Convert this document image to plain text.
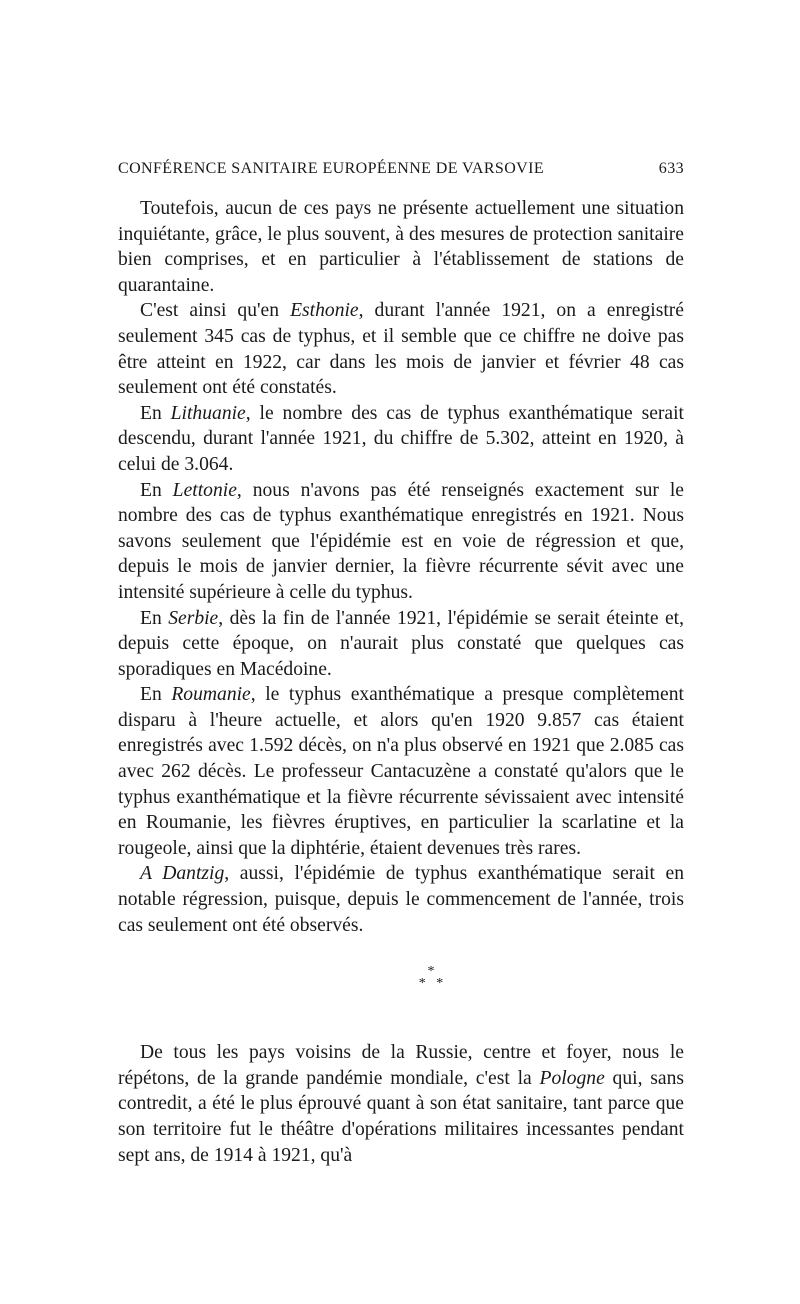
CONFÉRENCE SANITAIRE EUROPÉENNE DE VARSOVIE	633

Toutefois, aucun de ces pays ne présente actuellement une situation inquiétante, grâce, le plus souvent, à des mesures de protection sanitaire bien comprises, et en particulier à l'établissement de stations de quarantaine.

C'est ainsi qu'en Esthonie, durant l'année 1921, on a enregistré seulement 345 cas de typhus, et il semble que ce chiffre ne doive pas être atteint en 1922, car dans les mois de janvier et février 48 cas seulement ont été constatés.

En Lithuanie, le nombre des cas de typhus exanthématique serait descendu, durant l'année 1921, du chiffre de 5.302, atteint en 1920, à celui de 3.064.

En Lettonie, nous n'avons pas été renseignés exactement sur le nombre des cas de typhus exanthématique enregistrés en 1921. Nous savons seulement que l'épidémie est en voie de régression et que, depuis le mois de janvier dernier, la fièvre récurrente sévit avec une intensité supérieure à celle du typhus.

En Serbie, dès la fin de l'année 1921, l'épidémie se serait éteinte et, depuis cette époque, on n'aurait plus constaté que quelques cas sporadiques en Macédoine.

En Roumanie, le typhus exanthématique a presque complètement disparu à l'heure actuelle, et alors qu'en 1920 9.857 cas étaient enregistrés avec 1.592 décès, on n'a plus observé en 1921 que 2.085 cas avec 262 décès. Le professeur Cantacuzène a constaté qu'alors que le typhus exanthématique et la fièvre récurrente sévissaient avec intensité en Roumanie, les fièvres éruptives, en particulier la scarlatine et la rougeole, ainsi que la diphtérie, étaient devenues très rares.

A Dantzig, aussi, l'épidémie de typhus exanthématique serait en notable régression, puisque, depuis le commencement de l'année, trois cas seulement ont été observés.

*
*   *

De tous les pays voisins de la Russie, centre et foyer, nous le répétons, de la grande pandémie mondiale, c'est la Pologne qui, sans contredit, a été le plus éprouvé quant à son état sanitaire, tant parce que son territoire fut le théâtre d'opérations militaires incessantes pendant sept ans, de 1914 à 1921, qu'à
